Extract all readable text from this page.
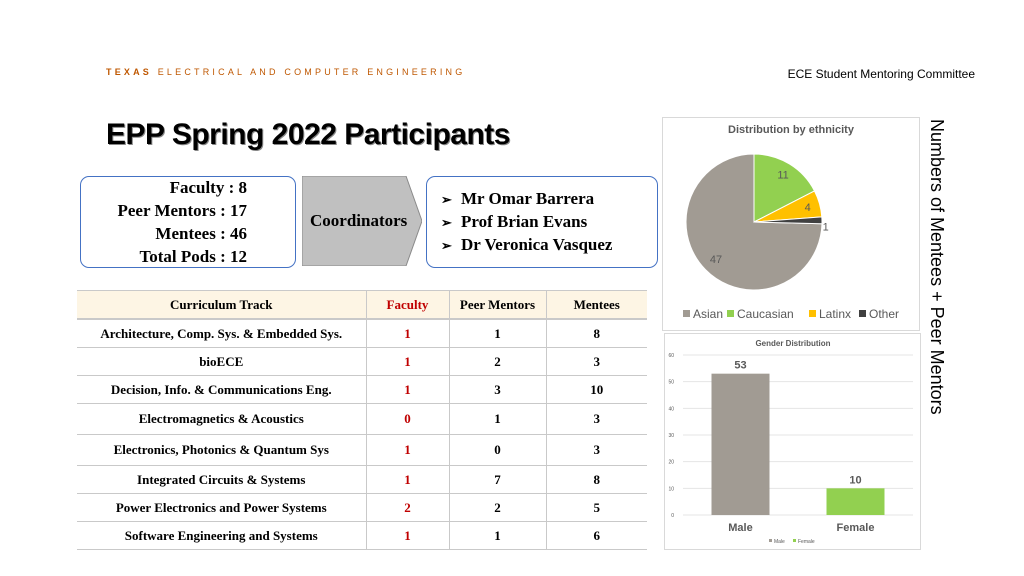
TEXAS ELECTRICAL AND COMPUTER ENGINEERING	ECE Student Mentoring Committee
EPP Spring 2022 Participants
Faculty : 8
Peer Mentors : 17
Mentees : 46
Total Pods : 12
Coordinators
➢ Mr Omar Barrera
➢ Prof Brian Evans
➢ Dr Veronica Vasquez
Curriculum Track	Faculty	Peer Mentors	Mentees
Architecture, Comp. Sys. & Embedded Sys.	1	1	8
bioECE	1	2	3
Decision, Info. & Communications Eng.	1	3	10
Electromagnetics & Acoustics	0	1	3
Electronics, Photonics & Quantum Sys	1	0	3
Integrated Circuits & Systems	1	7	8
Power Electronics and Power Systems	2	2	5
Software Engineering and Systems	1	1	6
Distribution by ethnicity
47
11
4
1
Asian Caucasian Latinx Other
Gender Distribution
0
10
20
30
40
50
60
53
Male
10
Female
Male	Female
Numbers of Mentees + Peer Mentors
